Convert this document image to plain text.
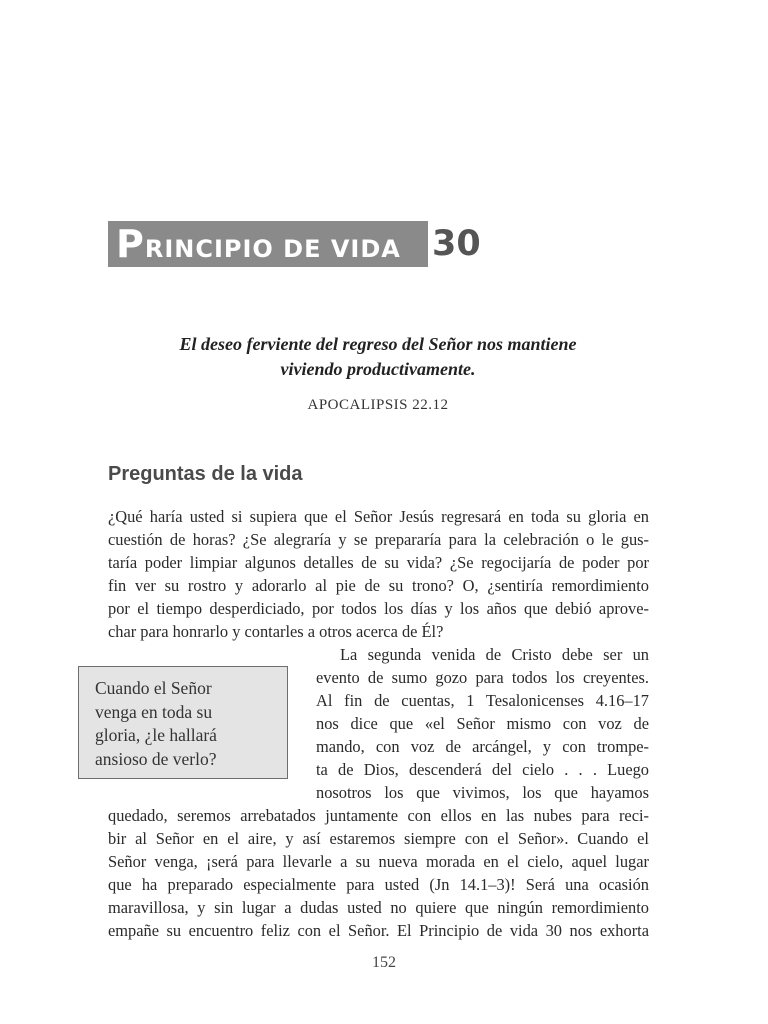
PRINCIPIO DE VIDA 30
El deseo ferviente del regreso del Señor nos mantiene
viviendo productivamente.
APOCALIPSIS 22.12
Preguntas de la vida
¿Qué haría usted si supiera que el Señor Jesús regresará en toda su gloria en
cuestión de horas? ¿Se alegraría y se prepararía para la celebración o le gus-
taría poder limpiar algunos detalles de su vida? ¿Se regocijaría de poder por
fin ver su rostro y adorarlo al pie de su trono? O, ¿sentiría remordimiento
por el tiempo desperdiciado, por todos los días y los años que debió aprove-
char para honrarlo y contarles a otros acerca de Él?
La segunda venida de Cristo debe ser un
evento de sumo gozo para todos los creyentes.
Al fin de cuentas, 1 Tesalonicenses 4.16–17
nos dice que «el Señor mismo con voz de
mando, con voz de arcángel, y con trompe-
ta de Dios, descenderá del cielo . . . Luego
nosotros los que vivimos, los que hayamos
quedado, seremos arrebatados juntamente con ellos en las nubes para reci-
bir al Señor en el aire, y así estaremos siempre con el Señor». Cuando el
Señor venga, ¡será para llevarle a su nueva morada en el cielo, aquel lugar
que ha preparado especialmente para usted (Jn 14.1–3)! Será una ocasión
maravillosa, y sin lugar a dudas usted no quiere que ningún remordimiento
empañe su encuentro feliz con el Señor. El Principio de vida 30 nos exhorta
Cuando el Señor
venga en toda su
gloria, ¿le hallará
ansioso de verlo?
152
